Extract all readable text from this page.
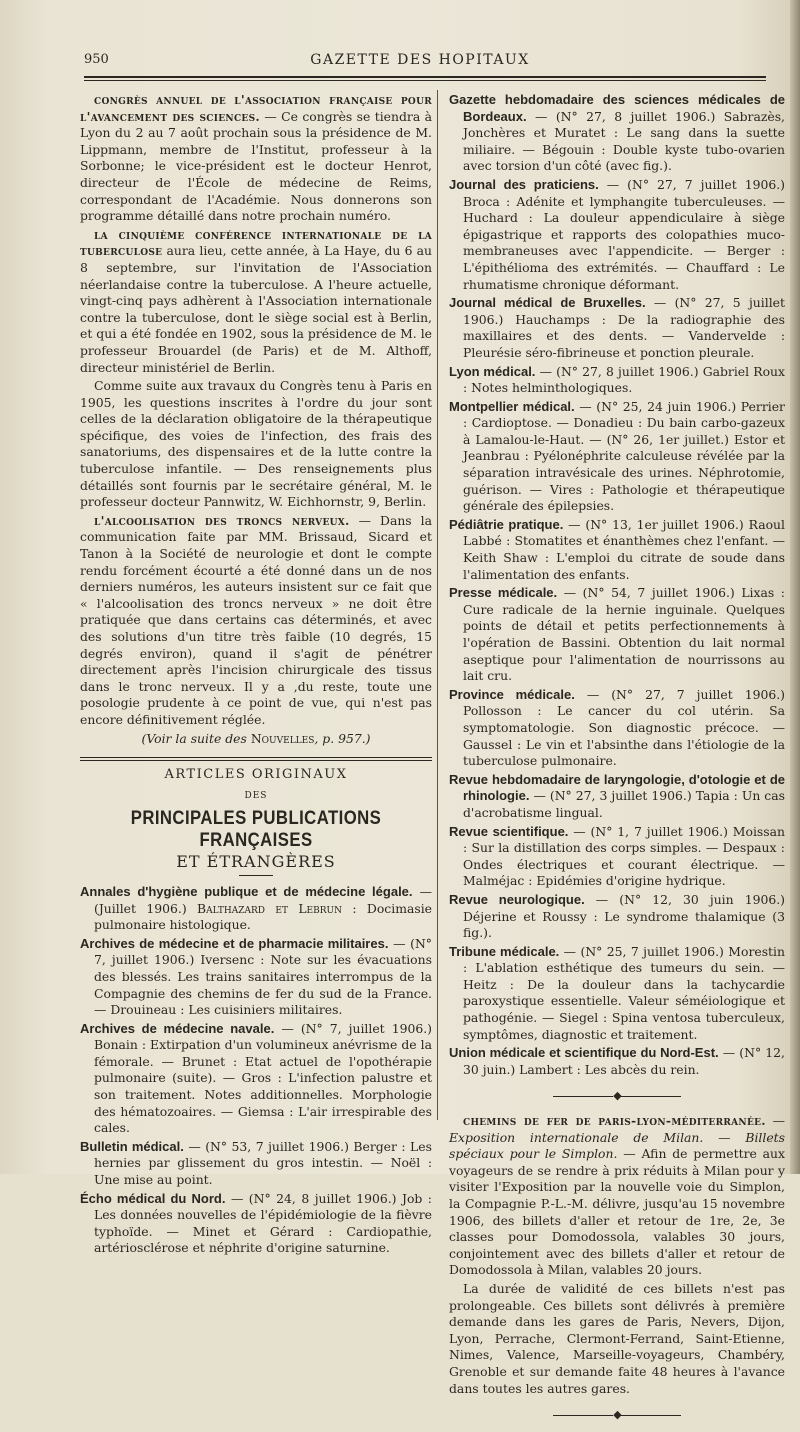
950	GAZETTE DES HOPITAUX

congrès annuel de l'association française pour l'avancement des sciences. — Ce congrès se tiendra à Lyon du 2 au 7 août prochain sous la présidence de M. Lippmann, membre de l'Institut, professeur à la Sorbonne; le vice-président est le docteur Henrot, directeur de l'École de médecine de Reims, correspondant de l'Académie. Nous donnerons son programme détaillé dans notre prochain numéro.

la cinquième conférence internationale de la tuberculose aura lieu, cette année, à La Haye, du 6 au 8 septembre, sur l'invitation de l'Association néerlandaise contre la tuberculose. A l'heure actuelle, vingt-cinq pays adhèrent à l'Association internationale contre la tuberculose, dont le siège social est à Berlin, et qui a été fondée en 1902, sous la présidence de M. le professeur Brouardel (de Paris) et de M. Althoff, directeur ministériel de Berlin.

Comme suite aux travaux du Congrès tenu à Paris en 1905, les questions inscrites à l'ordre du jour sont celles de la déclaration obligatoire de la thérapeutique spécifique, des voies de l'infection, des frais des sanatoriums, des dispensaires et de la lutte contre la tuberculose infantile. — Des renseignements plus détaillés sont fournis par le secrétaire général, M. le professeur docteur Pannwitz, W. Eichhornstr, 9, Berlin.

l'alcoolisation des troncs nerveux. — Dans la communication faite par MM. Brissaud, Sicard et Tanon à la Société de neurologie et dont le compte rendu forcément écourté a été donné dans un de nos derniers numéros, les auteurs insistent sur ce fait que « l'alcoolisation des troncs nerveux » ne doit être pratiquée que dans certains cas déterminés, et avec des solutions d'un titre très faible (10 degrés, 15 degrés environ), quand il s'agit de pénétrer directement après l'incision chirurgicale des tissus dans le tronc nerveux. Il y a ,du reste, toute une posologie prudente à ce point de vue, qui n'est pas encore définitivement réglée.

(Voir la suite des Nouvelles, p. 957.)

ARTICLES ORIGINAUX
DES
PRINCIPALES PUBLICATIONS FRANÇAISES
ET ÉTRANGÈRES
Annales d'hygiène publique et de médecine légale. — (Juillet 1906.) Balthazard et Lebrun : Docimasie pulmonaire histologique.
Archives de médecine et de pharmacie militaires. — (N° 7, juillet 1906.) Iversenc : Note sur les évacuations des blessés. Les trains sanitaires interrompus de la Compagnie des chemins de fer du sud de la France. — Drouineau : Les cuisiniers militaires.
Archives de médecine navale. — (N° 7, juillet 1906.) Bonain : Extirpation d'un volumineux anévrisme de la fémorale. — Brunet : Etat actuel de l'opothérapie pulmonaire (suite). — Gros : L'infection palustre et son traitement. Notes additionnelles. Morphologie des hématozoaires. — Giemsa : L'air irrespirable des cales.
Bulletin médical. — (N° 53, 7 juillet 1906.) Berger : Les hernies par glissement du gros intestin. — Noël : Une mise au point.
Écho médical du Nord. — (N° 24, 8 juillet 1906.) Job : Les données nouvelles de l'épidémiologie de la fièvre typhoïde. — Minet et Gérard : Cardiopathie, artériosclérose et néphrite d'origine saturnine.
Gazette hebdomadaire des sciences médicales de Bordeaux. — (N° 27, 8 juillet 1906.) Sabrazès, Jonchères et Muratet : Le sang dans la suette miliaire. — Bégouin : Double kyste tubo-ovarien avec torsion d'un côté (avec fig.).
Journal des praticiens. — (N° 27, 7 juillet 1906.) Broca : Adénite et lymphangite tuberculeuses. — Huchard : La douleur appendiculaire à siège épigastrique et rapports des colopathies muco-membraneuses avec l'appendicite. — Berger : L'épithélioma des extrémités. — Chauffard : Le rhumatisme chronique déformant.
Journal médical de Bruxelles. — (N° 27, 5 juillet 1906.) Hauchamps : De la radiographie des maxillaires et des dents. — Vandervelde : Pleurésie séro-fibrineuse et ponction pleurale.
Lyon médical. — (N° 27, 8 juillet 1906.) Gabriel Roux : Notes helminthologiques.
Montpellier médical. — (N° 25, 24 juin 1906.) Perrier : Cardioptose. — Donadieu : Du bain carbo-gazeux à Lamalou-le-Haut. — (N° 26, 1er juillet.) Estor et Jeanbrau : Pyélonéphrite calculeuse révélée par la séparation intravésicale des urines. Néphrotomie, guérison. — Vires : Pathologie et thérapeutique générale des épilepsies.
Pédiâtrie pratique. — (N° 13, 1er juillet 1906.) Raoul Labbé : Stomatites et énanthèmes chez l'enfant. — Keith Shaw : L'emploi du citrate de soude dans l'alimentation des enfants.
Presse médicale. — (N° 54, 7 juillet 1906.) Lixas : Cure radicale de la hernie inguinale. Quelques points de détail et petits perfectionnements à l'opération de Bassini. Obtention du lait normal aseptique pour l'alimentation de nourrissons au lait cru.
Province médicale. — (N° 27, 7 juillet 1906.) Pollosson : Le cancer du col utérin. Sa symptomatologie. Son diagnostic précoce. — Gaussel : Le vin et l'absinthe dans l'étiologie de la tuberculose pulmonaire.
Revue hebdomadaire de laryngologie, d'otologie et de rhinologie. — (N° 27, 3 juillet 1906.) Tapia : Un cas d'acrobatisme lingual.
Revue scientifique. — (N° 1, 7 juillet 1906.) Moissan : Sur la distillation des corps simples. — Despaux : Ondes électriques et courant électrique. — Malméjac : Epidémies d'origine hydrique.
Revue neurologique. — (N° 12, 30 juin 1906.) Déjerine et Roussy : Le syndrome thalamique (3 fig.).
Tribune médicale. — (N° 25, 7 juillet 1906.) Morestin : L'ablation esthétique des tumeurs du sein. — Heitz : De la douleur dans la tachycardie paroxystique essentielle. Valeur séméiologique et pathogénie. — Siegel : Spina ventosa tuberculeux, symptômes, diagnostic et traitement.
Union médicale et scientifique du Nord-Est. — (N° 12, 30 juin.) Lambert : Les abcès du rein.
◆

chemins de fer de paris-lyon-méditerranée. — Exposition internationale de Milan. — Billets spéciaux pour le Simplon. — Afin de permettre aux voyageurs de se rendre à prix réduits à Milan pour y visiter l'Exposition par la nouvelle voie du Simplon, la Compagnie P.-L.-M. délivre, jusqu'au 15 novembre 1906, des billets d'aller et retour de 1re, 2e, 3e classes pour Domodossola, valables 30 jours, conjointement avec des billets d'aller et retour de Domodossola à Milan, valables 20 jours.

La durée de validité de ces billets n'est pas prolongeable. Ces billets sont délivrés à première demande dans les gares de Paris, Nevers, Dijon, Lyon, Perrache, Clermont-Ferrand, Saint-Etienne, Nimes, Valence, Marseille-voyageurs, Chambéry, Grenoble et sur demande faite 48 heures à l'avance dans toutes les autres gares.

◆
